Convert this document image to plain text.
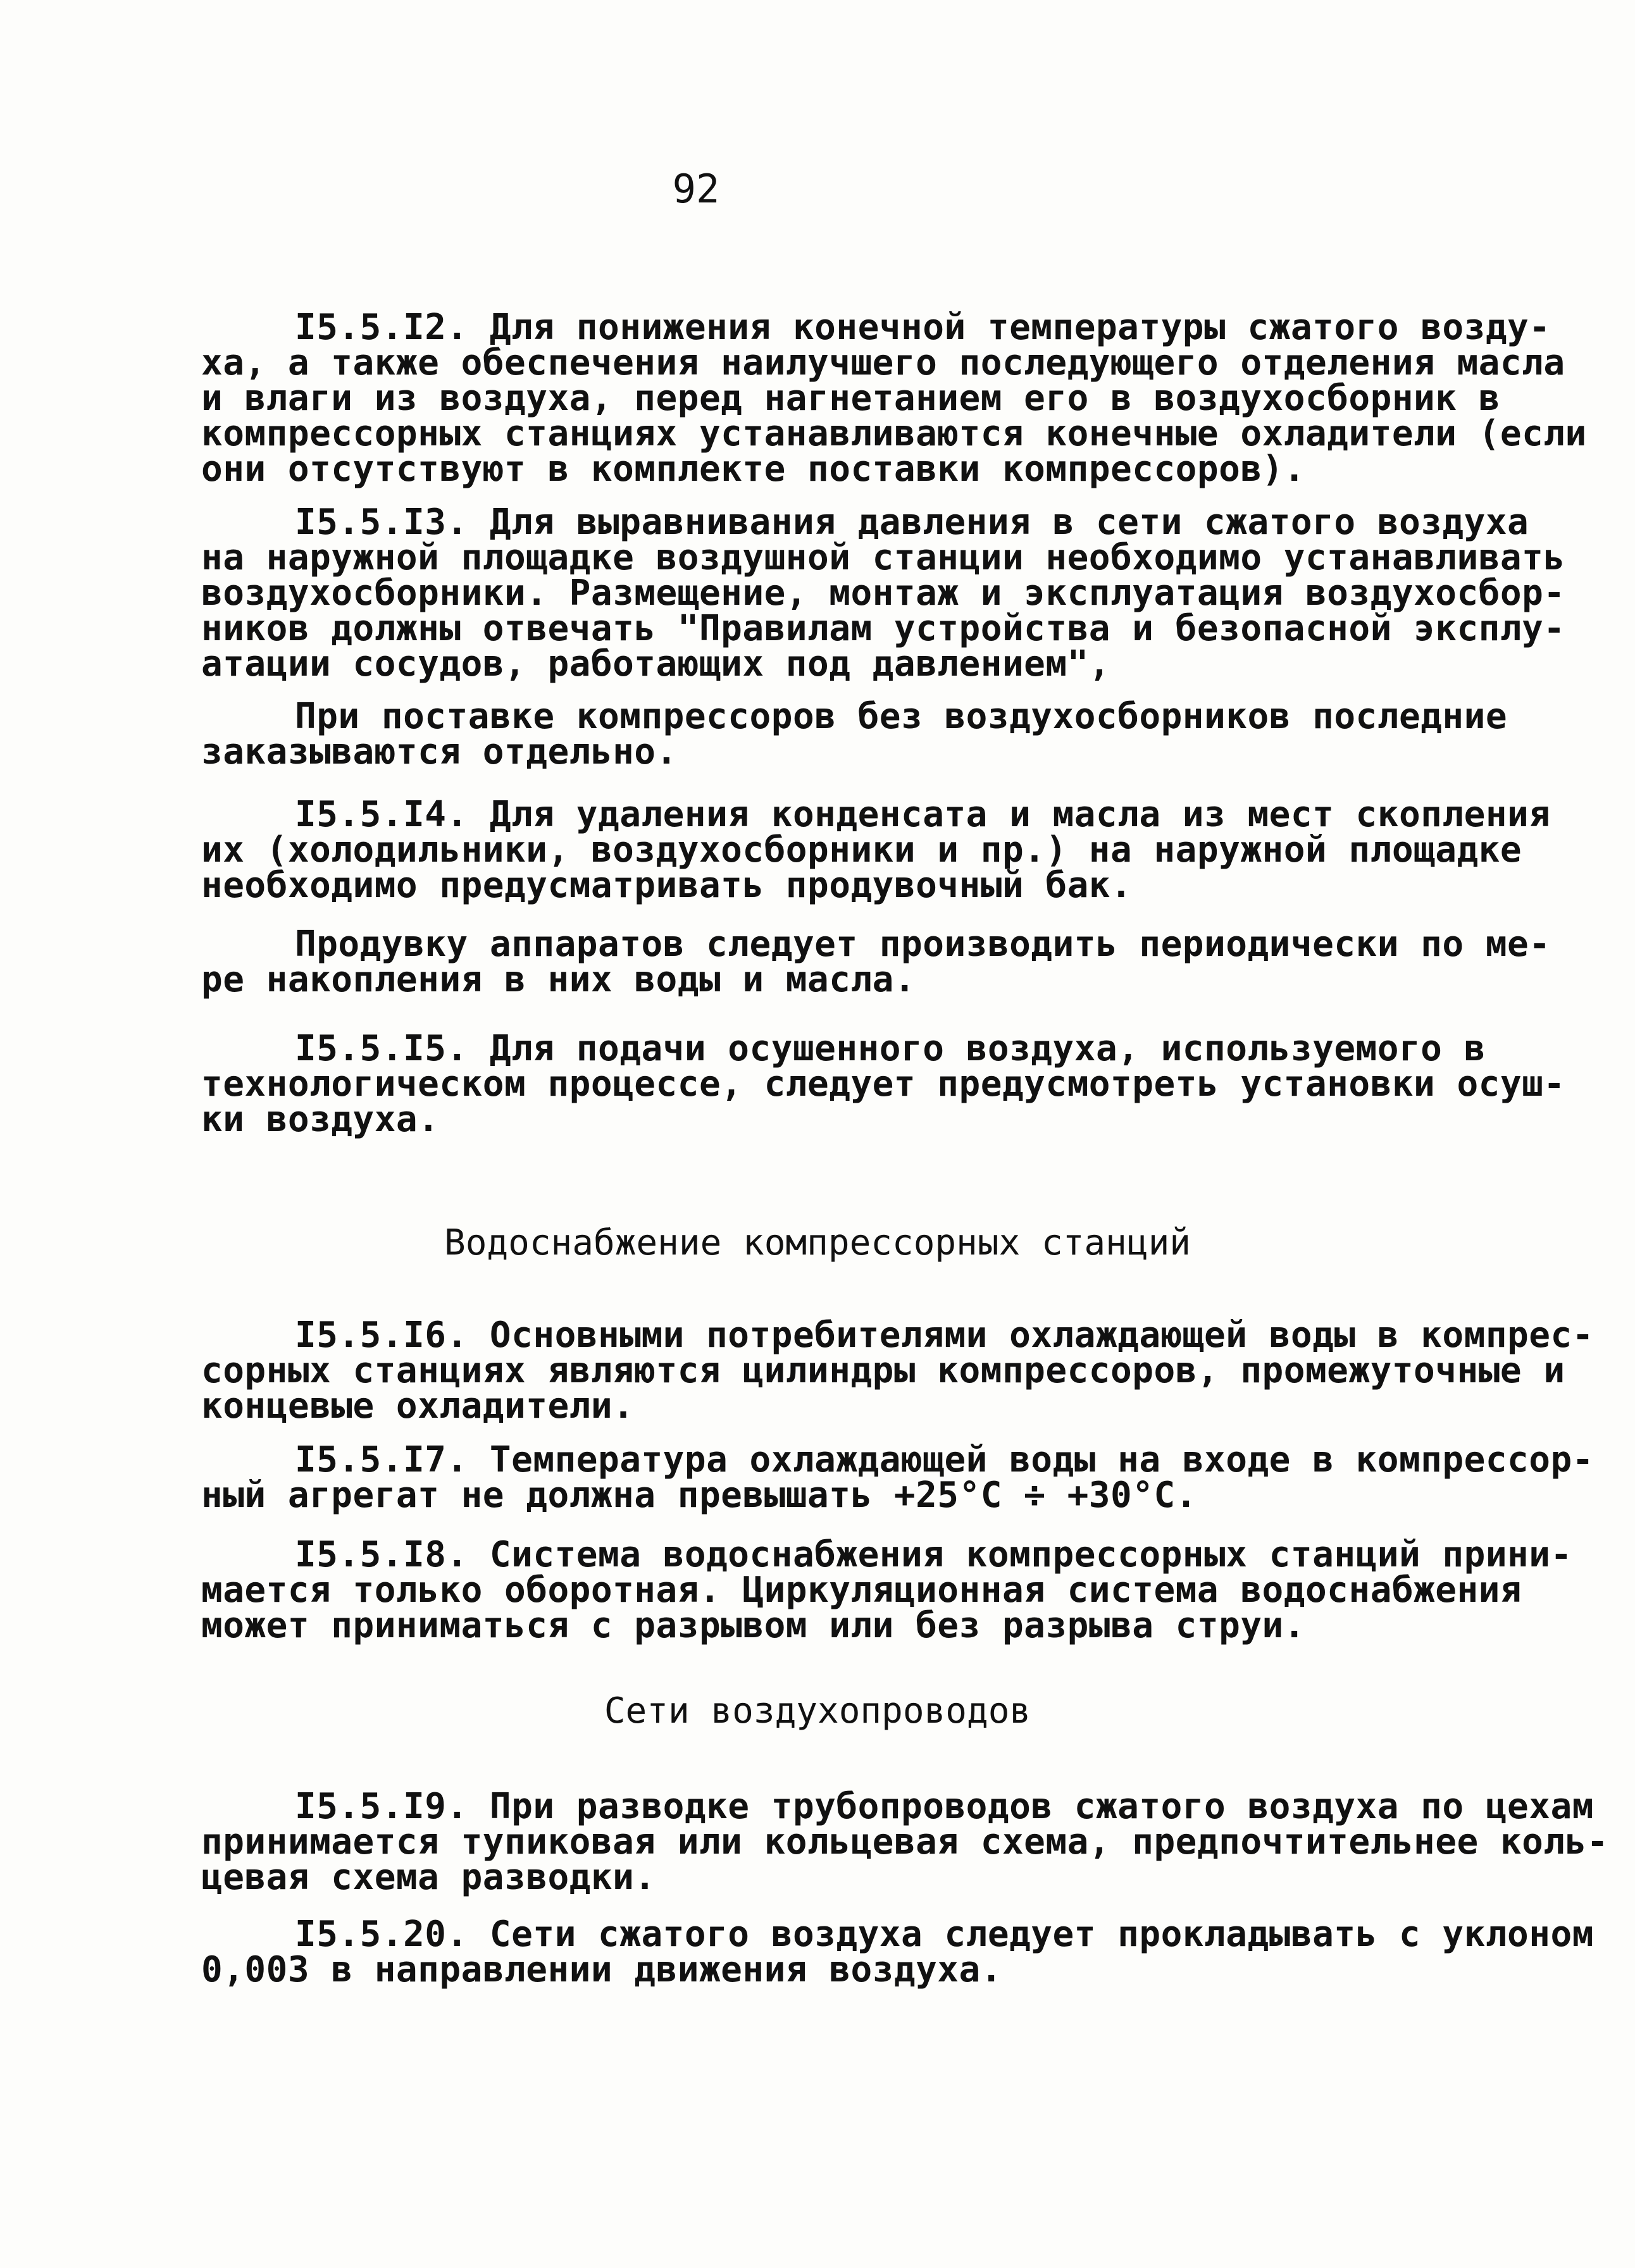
92
I5.5.I2. Для понижения конечной температуры сжатого возду-
ха, а также обеспечения наилучшего последующего отделения масла
и влаги из воздуха, перед нагнетанием его в воздухосборник в
компрессорных станциях устанавливаются конечные охладители (если
они отсутствуют в комплекте поставки компрессоров).
I5.5.I3. Для выравнивания давления в сети сжатого воздуха
на наружной площадке воздушной станции необходимо устанавливать
воздухосборники. Размещение, монтаж и эксплуатация воздухосбор-
ников должны отвечать "Правилам устройства и безопасной эксплу-
атации сосудов, работающих под давлением",
При поставке компрессоров без воздухосборников последние
заказываются отдельно.
I5.5.I4. Для удаления конденсата и масла из мест скопления
их (холодильники, воздухосборники и пр.) на наружной площадке
необходимо предусматривать продувочный бак.
Продувку аппаратов следует производить периодически по ме-
ре накопления в них воды и масла.
I5.5.I5. Для подачи осушенного воздуха, используемого в
технологическом процессе, следует предусмотреть установки осуш-
ки воздуха.
Водоснабжение компрессорных станций
I5.5.I6. Основными потребителями охлаждающей воды в компрес-
сорных станциях являются цилиндры компрессоров, промежуточные и
концевые охладители.
I5.5.I7. Температура охлаждающей воды на входе в компрессор-
ный агрегат не должна превышать +25°С ÷ +30°С.
I5.5.I8. Система водоснабжения компрессорных станций прини-
мается только оборотная. Циркуляционная система водоснабжения
может приниматься с разрывом или без разрыва струи.
Сети воздухопроводов
I5.5.I9. При разводке трубопроводов сжатого воздуха по цехам
принимается тупиковая или кольцевая схема, предпочтительнее коль-
цевая схема разводки.
I5.5.20. Сети сжатого воздуха следует прокладывать с уклоном
0,003 в направлении движения воздуха.
